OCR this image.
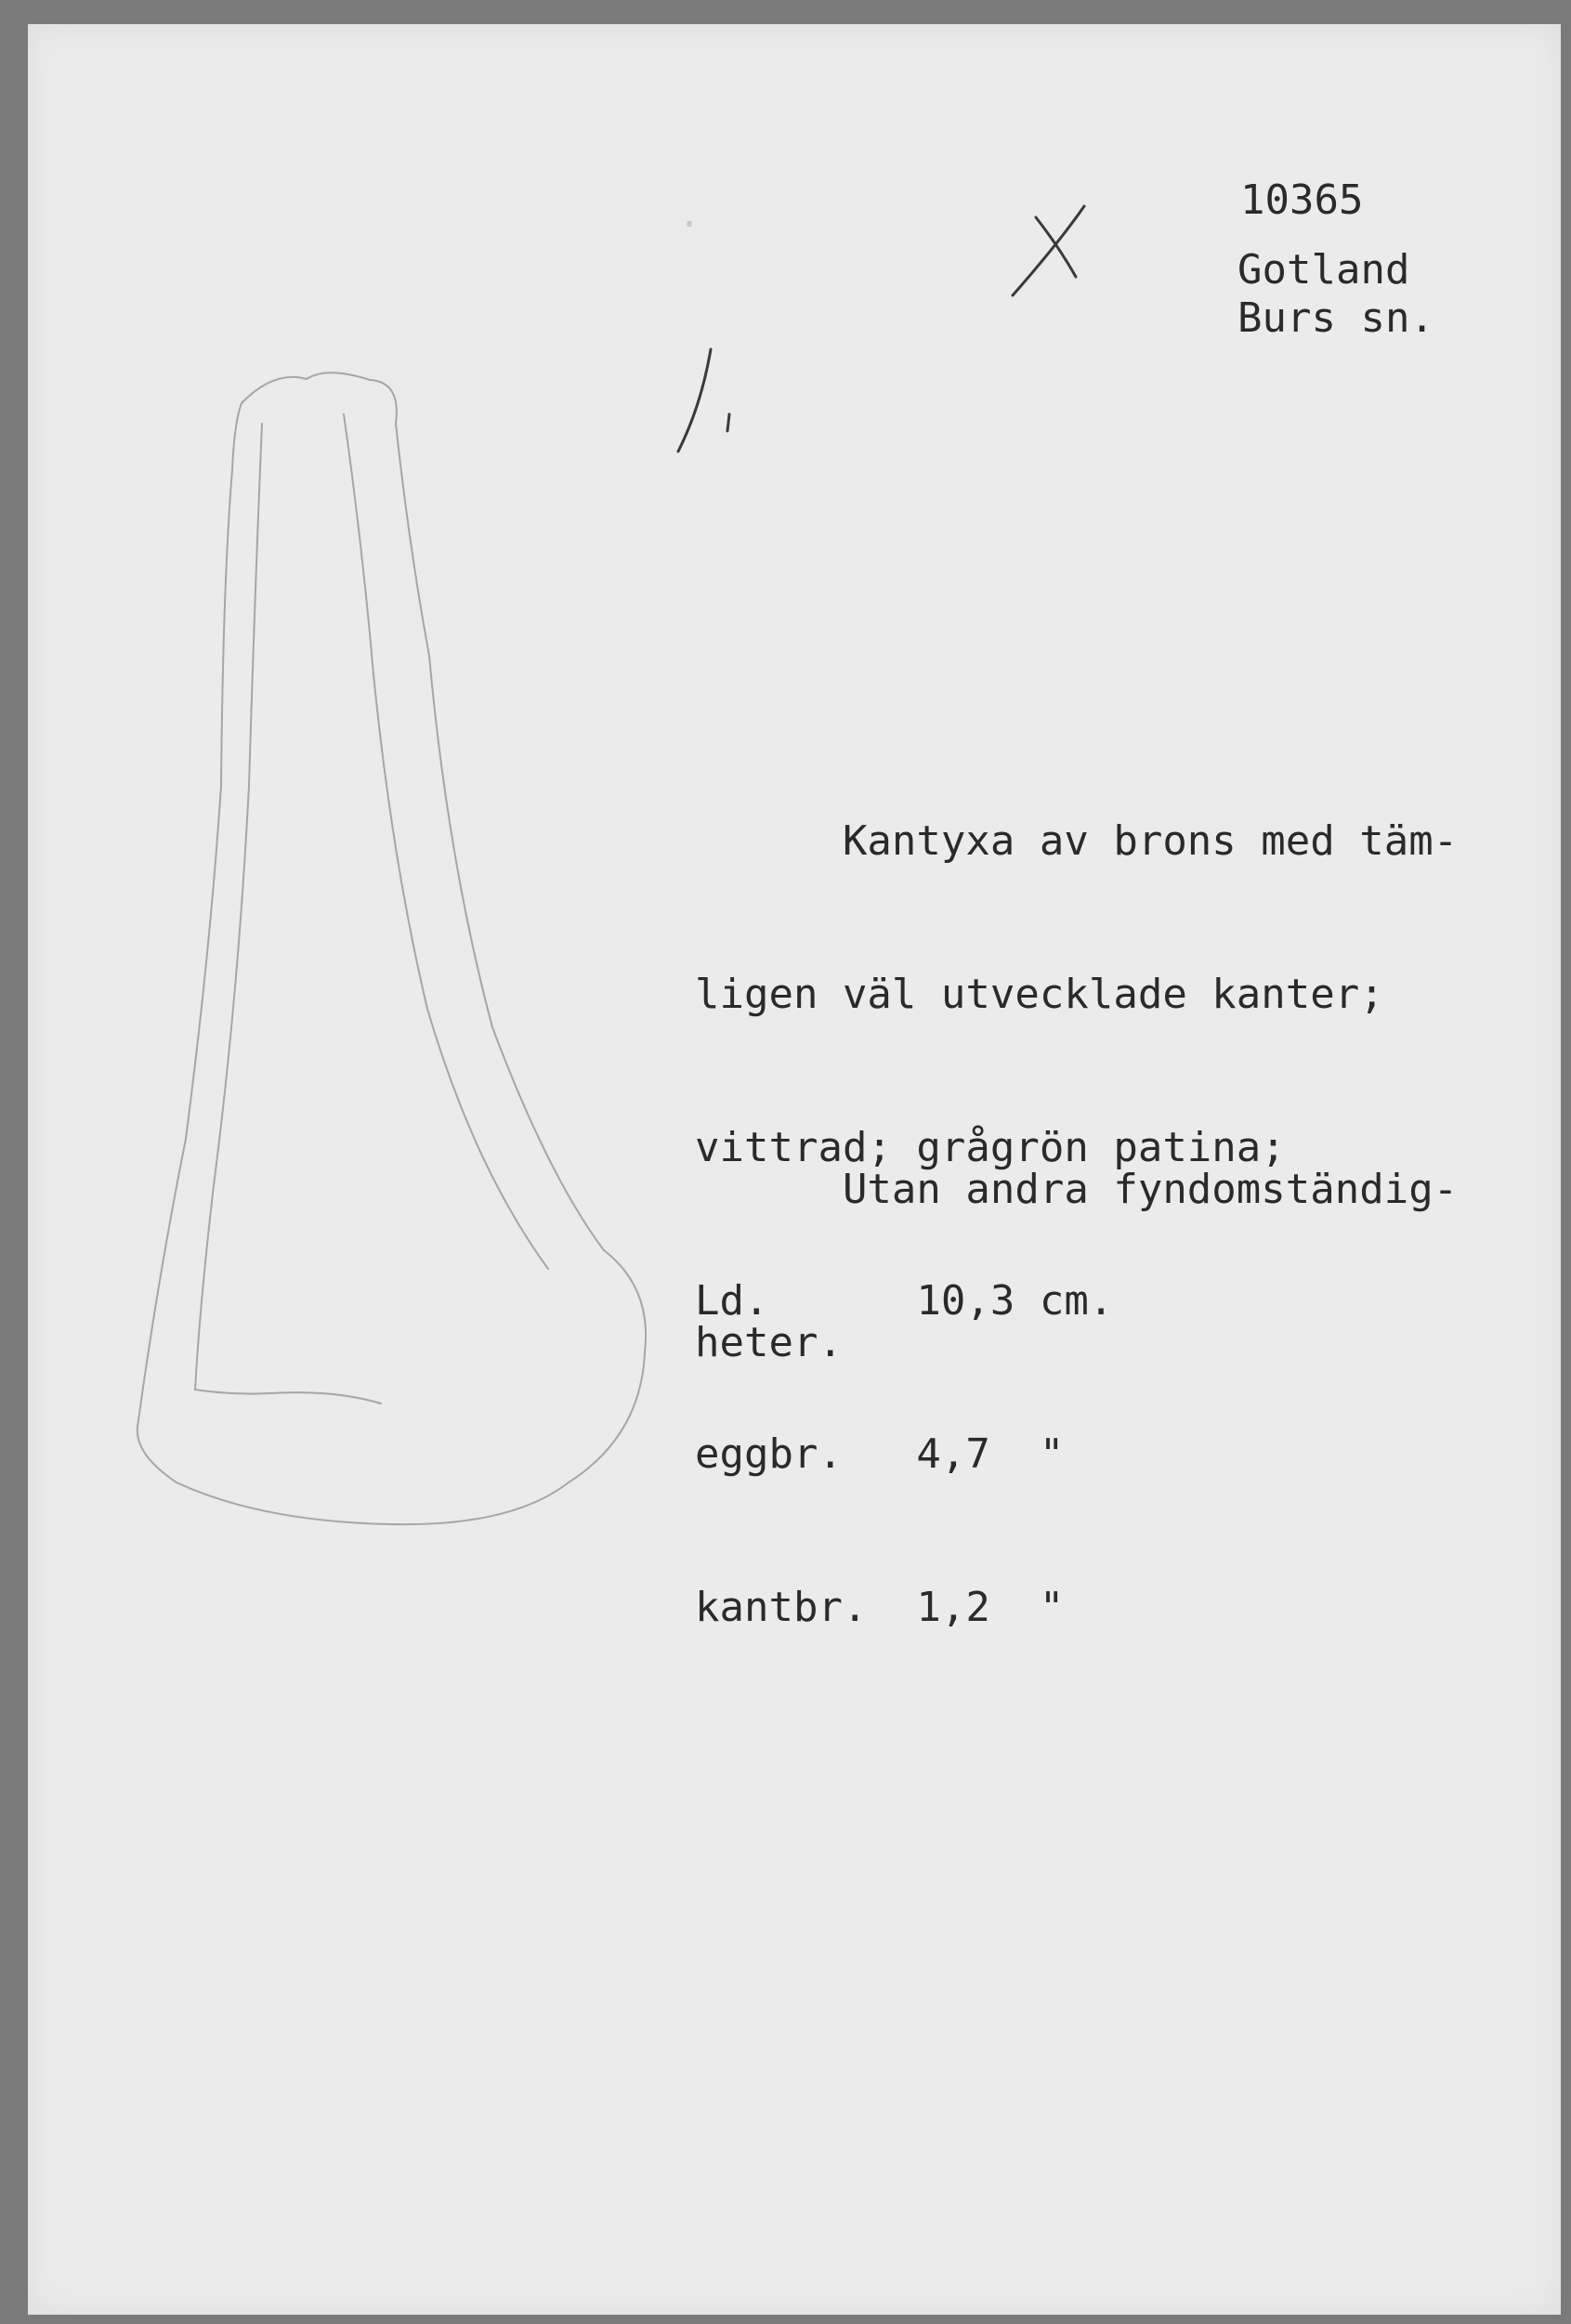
.	10365
Gotland
Burs sn.

Kantyxa av brons med täm-

ligen väl utvecklade kanter;

vittrad; grågrön patina;

Ld.      10,3 cm.

eggbr.   4,7  "

kantbr.  1,2  "

Utan andra fyndomständig-

heter.
